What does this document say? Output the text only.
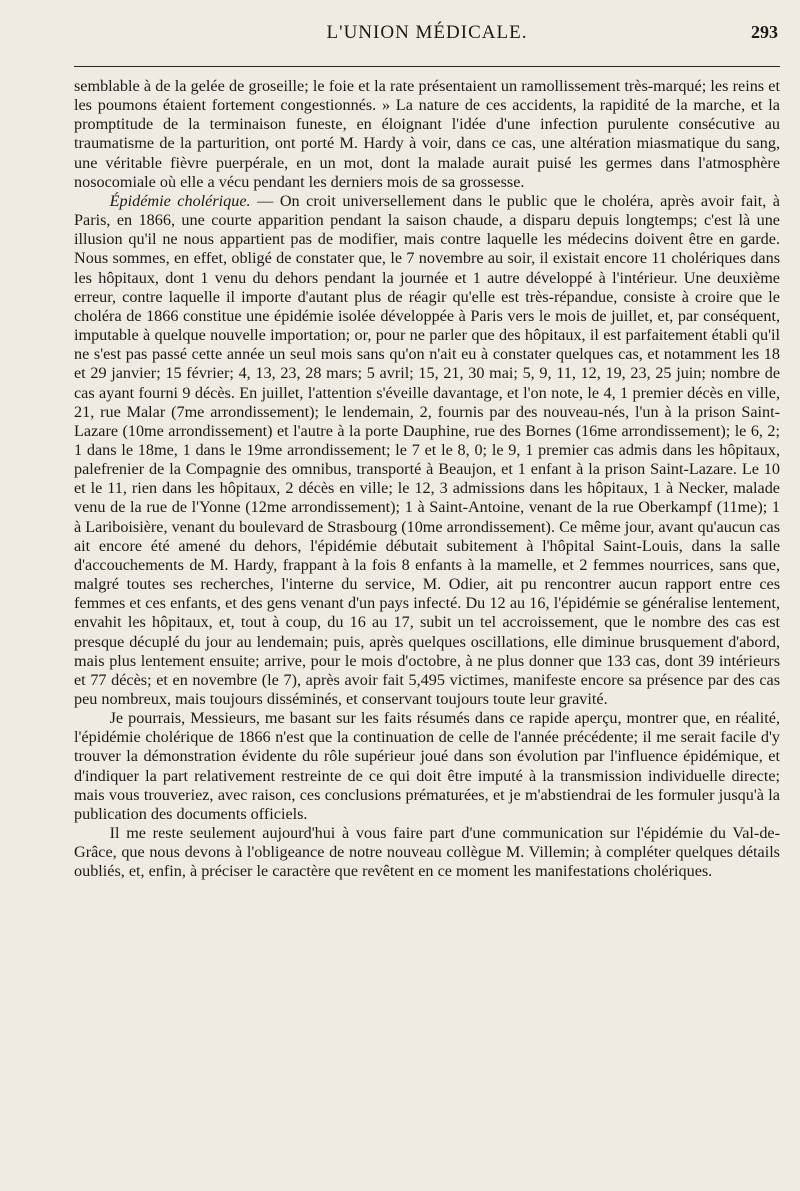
L'UNION MÉDICALE.	293

semblable à de la gelée de groseille; le foie et la rate présentaient un ramollissement très-marqué; les reins et les poumons étaient fortement congestionnés. » La nature de ces accidents, la rapidité de la marche, et la promptitude de la terminaison funeste, en éloignant l'idée d'une infection purulente consécutive au traumatisme de la parturition, ont porté M. Hardy à voir, dans ce cas, une altération miasmatique du sang, une véritable fièvre puerpérale, en un mot, dont la malade aurait puisé les germes dans l'atmosphère nosocomiale où elle a vécu pendant les derniers mois de sa grossesse.

Épidémie cholérique. — On croit universellement dans le public que le choléra, après avoir fait, à Paris, en 1866, une courte apparition pendant la saison chaude, a disparu depuis longtemps; c'est là une illusion qu'il ne nous appartient pas de modifier, mais contre laquelle les médecins doivent être en garde. Nous sommes, en effet, obligé de constater que, le 7 novembre au soir, il existait encore 11 cholériques dans les hôpitaux, dont 1 venu du dehors pendant la journée et 1 autre développé à l'intérieur. Une deuxième erreur, contre laquelle il importe d'autant plus de réagir qu'elle est très-répandue, consiste à croire que le choléra de 1866 constitue une épidémie isolée développée à Paris vers le mois de juillet, et, par conséquent, imputable à quelque nouvelle importation; or, pour ne parler que des hôpitaux, il est parfaitement établi qu'il ne s'est pas passé cette année un seul mois sans qu'on n'ait eu à constater quelques cas, et notamment les 18 et 29 janvier; 15 février; 4, 13, 23, 28 mars; 5 avril; 15, 21, 30 mai; 5, 9, 11, 12, 19, 23, 25 juin; nombre de cas ayant fourni 9 décès. En juillet, l'attention s'éveille davantage, et l'on note, le 4, 1 premier décès en ville, 21, rue Malar (7me arrondissement); le lendemain, 2, fournis par des nouveau-nés, l'un à la prison Saint-Lazare (10me arrondissement) et l'autre à la porte Dauphine, rue des Bornes (16me arrondissement); le 6, 2; 1 dans le 18me, 1 dans le 19me arrondissement; le 7 et le 8, 0; le 9, 1 premier cas admis dans les hôpitaux, palefrenier de la Compagnie des omnibus, transporté à Beaujon, et 1 enfant à la prison Saint-Lazare. Le 10 et le 11, rien dans les hôpitaux, 2 décès en ville; le 12, 3 admissions dans les hôpitaux, 1 à Necker, malade venu de la rue de l'Yonne (12me arrondissement); 1 à Saint-Antoine, venant de la rue Oberkampf (11me); 1 à Lariboisière, venant du boulevard de Strasbourg (10me arrondissement). Ce même jour, avant qu'aucun cas ait encore été amené du dehors, l'épidémie débutait subitement à l'hôpital Saint-Louis, dans la salle d'accouchements de M. Hardy, frappant à la fois 8 enfants à la mamelle, et 2 femmes nourrices, sans que, malgré toutes ses recherches, l'interne du service, M. Odier, ait pu rencontrer aucun rapport entre ces femmes et ces enfants, et des gens venant d'un pays infecté. Du 12 au 16, l'épidémie se généralise lentement, envahit les hôpitaux, et, tout à coup, du 16 au 17, subit un tel accroissement, que le nombre des cas est presque décuplé du jour au lendemain; puis, après quelques oscillations, elle diminue brusquement d'abord, mais plus lentement ensuite; arrive, pour le mois d'octobre, à ne plus donner que 133 cas, dont 39 intérieurs et 77 décès; et en novembre (le 7), après avoir fait 5,495 victimes, manifeste encore sa présence par des cas peu nombreux, mais toujours disséminés, et conservant toujours toute leur gravité.

Je pourrais, Messieurs, me basant sur les faits résumés dans ce rapide aperçu, montrer que, en réalité, l'épidémie cholérique de 1866 n'est que la continuation de celle de l'année précédente; il me serait facile d'y trouver la démonstration évidente du rôle supérieur joué dans son évolution par l'influence épidémique, et d'indiquer la part relativement restreinte de ce qui doit être imputé à la transmission individuelle directe; mais vous trouveriez, avec raison, ces conclusions prématurées, et je m'abstiendrai de les formuler jusqu'à la publication des documents officiels.

Il me reste seulement aujourd'hui à vous faire part d'une communication sur l'épidémie du Val-de-Grâce, que nous devons à l'obligeance de notre nouveau collègue M. Villemin; à compléter quelques détails oubliés, et, enfin, à préciser le caractère que revêtent en ce moment les manifestations cholériques.
